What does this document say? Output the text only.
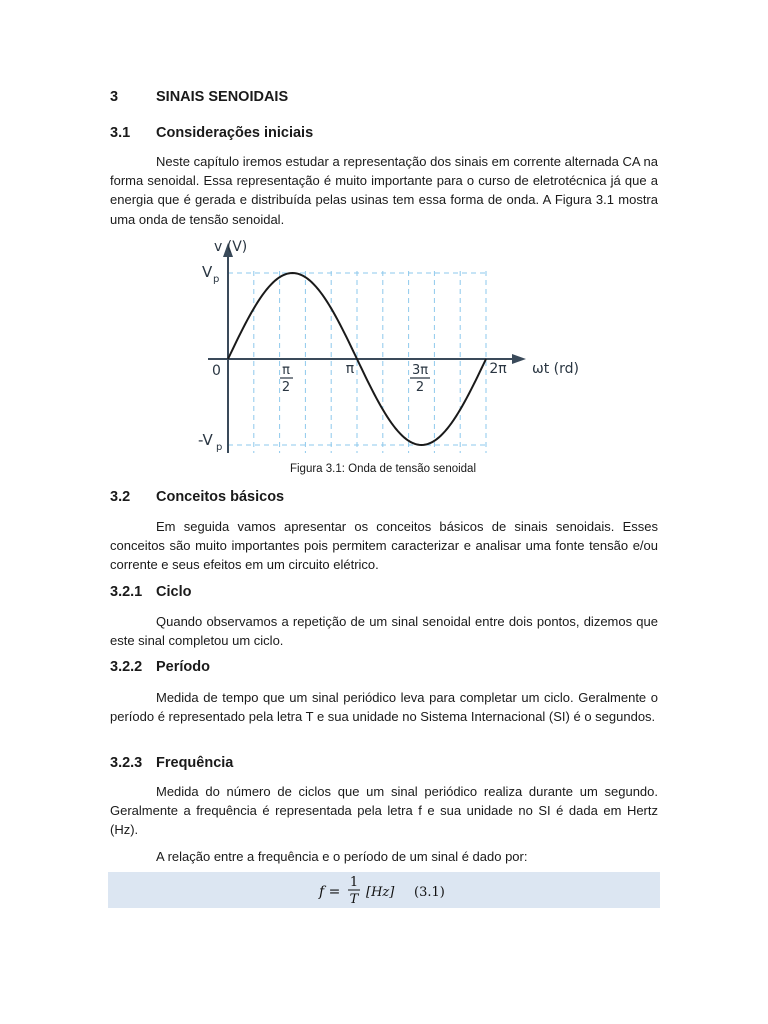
3	SINAIS SENOIDAIS
3.1 Considerações iniciais
Neste capítulo iremos estudar a representação dos sinais em corrente alternada CA na forma senoidal. Essa representação é muito importante para o curso de eletrotécnica já que a energia que é gerada e distribuída pelas usinas tem essa forma de onda. A Figura 3.1 mostra uma onda de tensão senoidal.
v (V)
ωt (rd)
V p
-V p
0	π
2
π	3π
2
2π
Figura 3.1: Onda de tensão senoidal
3.2 Conceitos básicos
Em seguida vamos apresentar os conceitos básicos de sinais senoidais. Esses conceitos são muito importantes pois permitem caracterizar e analisar uma fonte tensão e/ou corrente e seus efeitos em um circuito elétrico.
3.2.1 Ciclo
Quando observamos a repetição de um sinal senoidal entre dois pontos, dizemos que este sinal completou um ciclo.
3.2.2 Período
Medida de tempo que um sinal periódico leva para completar um ciclo. Geralmente o período é representado pela letra T e sua unidade no Sistema Internacional (SI) é o segundos.
3.2.3 Frequência
Medida do número de ciclos que um sinal periódico realiza durante um segundo. Geralmente a frequência é representada pela letra f e sua unidade no SI é dada em Hertz (Hz).
A relação entre a frequência e o período de um sinal é dado por:
f =
1
T [Hz] (3.1)
